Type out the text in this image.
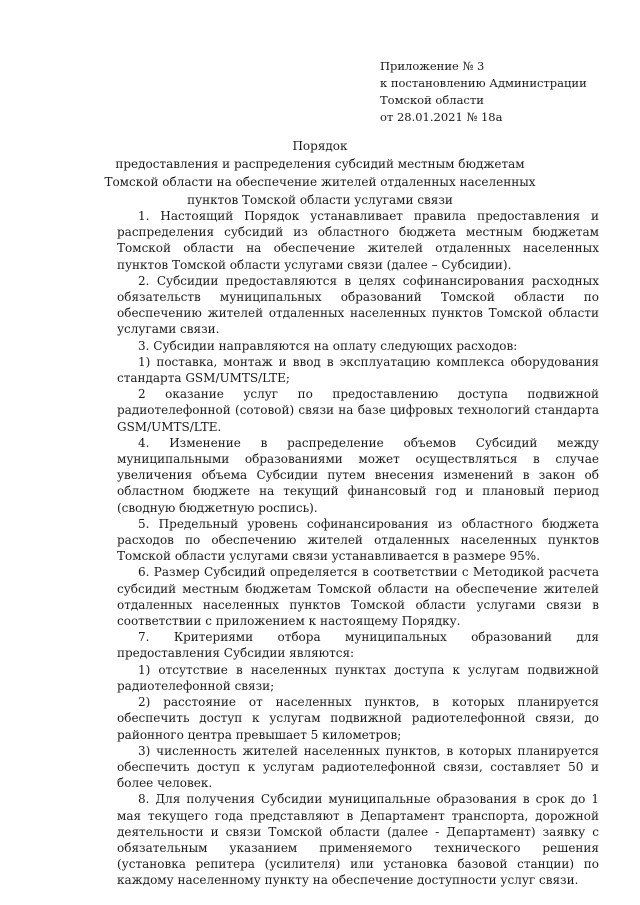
Приложение № 3
к постановлению Администрации
Томской области
от 28.01.2021 № 18а
Порядок
предоставления и распределения субсидий местным бюджетам
Томской области на обеспечение жителей отдаленных населенных
пунктов Томской области услугами связи

1. Настоящий Порядок устанавливает правила предоставления и распределения субсидий из областного бюджета местным бюджетам Томской области на обеспечение жителей отдаленных населенных пунктов Томской области услугами связи (далее – Субсидии).

2. Субсидии предоставляются в целях софинансирования расходных обязательств муниципальных образований Томской области по обеспечению жителей отдаленных населенных пунктов Томской области услугами связи.

3. Субсидии направляются на оплату следующих расходов:

1) поставка, монтаж и ввод в эксплуатацию комплекса оборудования стандарта GSM/UMTS/LTE;

2 оказание услуг по предоставлению доступа подвижной радиотелефонной (сотовой) связи на базе цифровых технологий стандарта GSM/UMTS/LTE.

4. Изменение в распределение объемов Субсидий между муниципальными образованиями может осуществляться в случае увеличения объема Субсидии путем внесения изменений в закон об областном бюджете на текущий финансовый год и плановый период (сводную бюджетную роспись).

5. Предельный уровень софинансирования из областного бюджета расходов по обеспечению жителей отдаленных населенных пунктов Томской области услугами связи устанавливается в размере 95%.

6. Размер Субсидий определяется в соответствии с Методикой расчета субсидий местным бюджетам Томской области на обеспечение жителей отдаленных населенных пунктов Томской области услугами связи в соответствии с приложением к настоящему Порядку.

7. Критериями отбора муниципальных образований для предоставления Субсидии являются:

1) отсутствие в населенных пунктах доступа к услугам подвижной радиотелефонной связи;

2) расстояние от населенных пунктов, в которых планируется обеспечить доступ к услугам подвижной радиотелефонной связи, до районного центра превышает 5 километров;

3) численность жителей населенных пунктов, в которых планируется обеспечить доступ к услугам радиотелефонной связи, составляет 50 и более человек.

8. Для получения Субсидии муниципальные образования в срок до 1 мая текущего года представляют в Департамент транспорта, дорожной деятельности и связи Томской области (далее - Департамент) заявку с обязательным указанием применяемого технического решения (установка репитера (усилителя) или установка базовой станции) по каждому населенному пункту на обеспечение доступности услуг связи.
